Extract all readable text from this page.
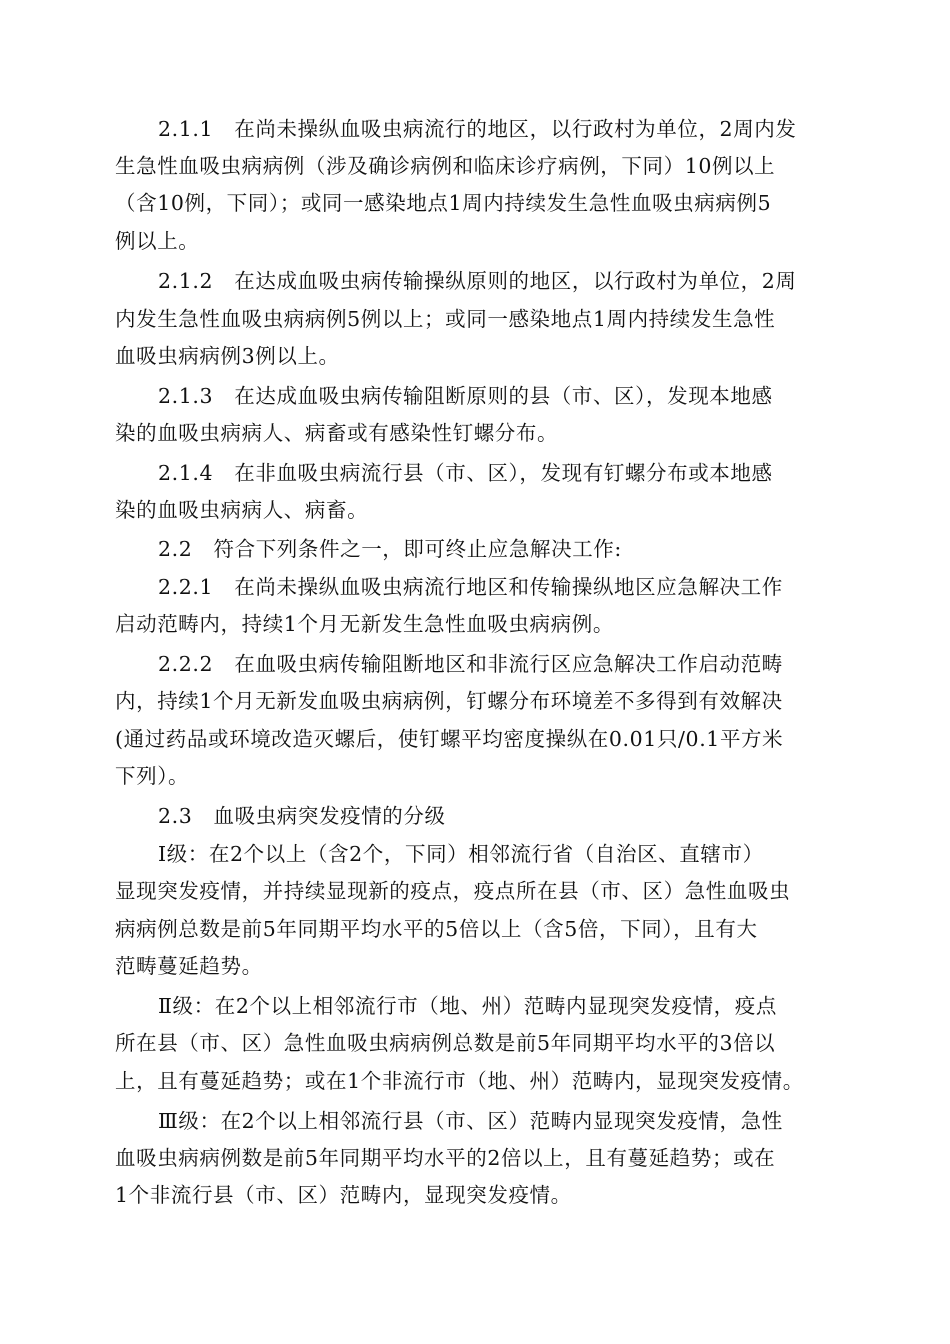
2.1.1　在尚未操纵血吸虫病流行的地区，以行政村为单位，2周内发
生急性血吸虫病病例（涉及确诊病例和临床诊疗病例，下同）10例以上
（含10例，下同）；或同一感染地点1周内持续发生急性血吸虫病病例5
例以上。
2.1.2　在达成血吸虫病传输操纵原则的地区，以行政村为单位，2周
内发生急性血吸虫病病例5例以上；或同一感染地点1周内持续发生急性
血吸虫病病例3例以上。
2.1.3　在达成血吸虫病传输阻断原则的县（市、区），发现本地感
染的血吸虫病病人、病畜或有感染性钉螺分布。
2.1.4　在非血吸虫病流行县（市、区），发现有钉螺分布或本地感
染的血吸虫病病人、病畜。
2.2　符合下列条件之一，即可终止应急解决工作:
2.2.1　在尚未操纵血吸虫病流行地区和传输操纵地区应急解决工作
启动范畴内，持续1个月无新发生急性血吸虫病病例。
2.2.2　在血吸虫病传输阻断地区和非流行区应急解决工作启动范畴
内，持续1个月无新发血吸虫病病例，钉螺分布环境差不多得到有效解决
(通过药品或环境改造灭螺后，使钉螺平均密度操纵在0.01只/0.1平方米
下列）。
2.3　血吸虫病突发疫情的分级
Ⅰ级：在2个以上（含2个，下同）相邻流行省（自治区、直辖市）
显现突发疫情，并持续显现新的疫点，疫点所在县（市、区）急性血吸虫
病病例总数是前5年同期平均水平的5倍以上（含5倍，下同），且有大
范畴蔓延趋势。
Ⅱ级：在2个以上相邻流行市（地、州）范畴内显现突发疫情，疫点
所在县（市、区）急性血吸虫病病例总数是前5年同期平均水平的3倍以
上，且有蔓延趋势；或在1个非流行市（地、州）范畴内，显现突发疫情。
Ⅲ级：在2个以上相邻流行县（市、区）范畴内显现突发疫情，急性
血吸虫病病例数是前5年同期平均水平的2倍以上，且有蔓延趋势；或在
1个非流行县（市、区）范畴内，显现突发疫情。
